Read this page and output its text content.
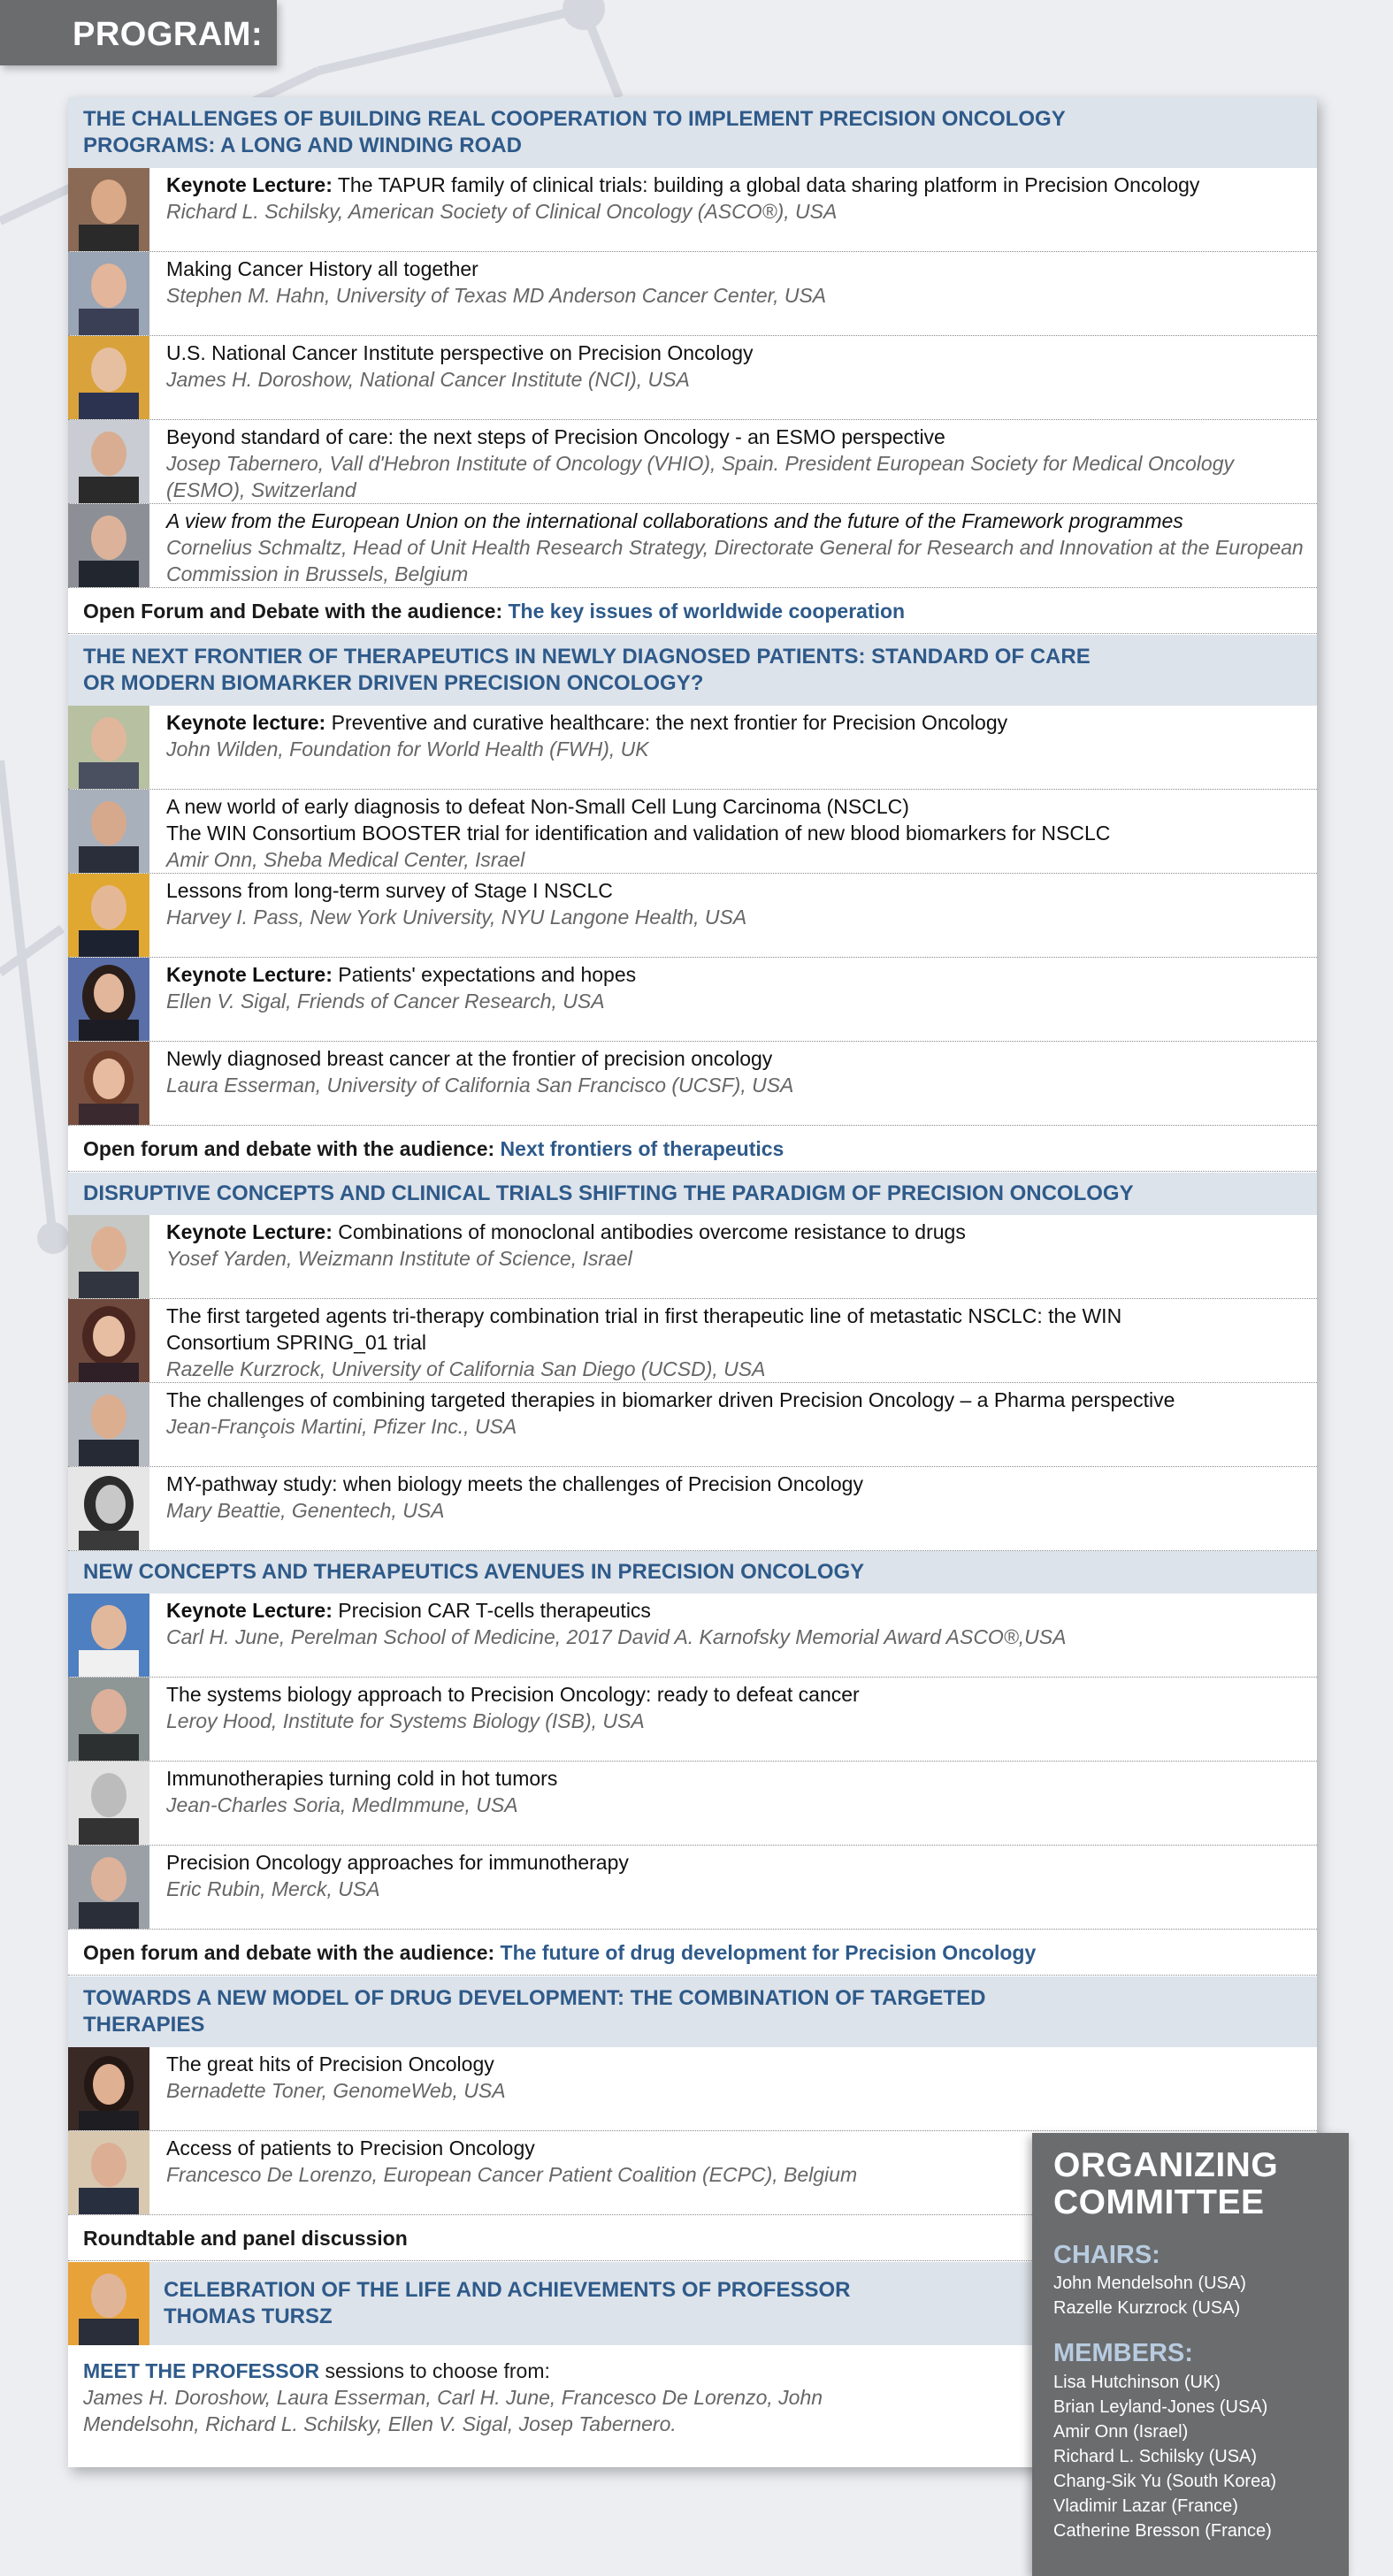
PROGRAM:
THE CHALLENGES OF BUILDING REAL COOPERATION TO IMPLEMENT PRECISION ONCOLOGY PROGRAMS: A LONG AND WINDING ROAD
Keynote Lecture: The TAPUR family of clinical trials: building a global data sharing platform in Precision Oncology
Richard L. Schilsky, American Society of Clinical Oncology (ASCO®), USA
Making Cancer History all together
Stephen M. Hahn, University of Texas MD Anderson Cancer Center, USA
U.S. National Cancer Institute perspective on Precision Oncology
James H. Doroshow, National Cancer Institute (NCI), USA
Beyond standard of care: the next steps of Precision Oncology - an ESMO perspective
Josep Tabernero, Vall d'Hebron Institute of Oncology (VHIO), Spain. President European Society for Medical Oncology (ESMO), Switzerland
A view from the European Union on the international collaborations and the future of the Framework programmes
Cornelius Schmaltz, Head of Unit Health Research Strategy, Directorate General for Research and Innovation at the European Commission in Brussels, Belgium
Open Forum and Debate with the audience: The key issues of worldwide cooperation
THE NEXT FRONTIER OF THERAPEUTICS IN NEWLY DIAGNOSED PATIENTS: STANDARD OF CARE OR MODERN BIOMARKER DRIVEN PRECISION ONCOLOGY?
Keynote lecture: Preventive and curative healthcare: the next frontier for Precision Oncology
John Wilden, Foundation for World Health (FWH), UK
A new world of early diagnosis to defeat Non-Small Cell Lung Carcinoma (NSCLC)
The WIN Consortium BOOSTER trial for identification and validation of new blood biomarkers for NSCLC
Amir Onn, Sheba Medical Center, Israel
Lessons from long-term survey of Stage I NSCLC
Harvey I. Pass, New York University, NYU Langone Health, USA
Keynote Lecture: Patients' expectations and hopes
Ellen V. Sigal, Friends of Cancer Research, USA
Newly diagnosed breast cancer at the frontier of precision oncology
Laura Esserman, University of California San Francisco (UCSF), USA
Open forum and debate with the audience: Next frontiers of therapeutics
DISRUPTIVE CONCEPTS AND CLINICAL TRIALS SHIFTING THE PARADIGM OF PRECISION ONCOLOGY
Keynote Lecture: Combinations of monoclonal antibodies overcome resistance to drugs
Yosef Yarden, Weizmann Institute of Science, Israel
The first targeted agents tri-therapy combination trial in first therapeutic line of metastatic NSCLC: the WIN
Consortium SPRING_01 trial
Razelle Kurzrock, University of California San Diego (UCSD), USA
The challenges of combining targeted therapies in biomarker driven Precision Oncology – a Pharma perspective
Jean-François Martini, Pfizer Inc., USA
MY-pathway study: when biology meets the challenges of Precision Oncology
Mary Beattie, Genentech, USA
NEW CONCEPTS AND THERAPEUTICS AVENUES IN PRECISION ONCOLOGY
Keynote Lecture: Precision CAR T-cells therapeutics
Carl H. June, Perelman School of Medicine, 2017 David A. Karnofsky Memorial Award ASCO®,USA
The systems biology approach to Precision Oncology: ready to defeat cancer
Leroy Hood, Institute for Systems Biology (ISB), USA
Immunotherapies turning cold in hot tumors
Jean-Charles Soria, MedImmune, USA
Precision Oncology approaches for immunotherapy
Eric Rubin, Merck, USA
Open forum and debate with the audience: The future of drug development for Precision Oncology
TOWARDS A NEW MODEL OF DRUG DEVELOPMENT: THE COMBINATION OF TARGETED THERAPIES
The great hits of Precision Oncology
Bernadette Toner, GenomeWeb, USA
Access of patients to Precision Oncology
Francesco De Lorenzo, European Cancer Patient Coalition (ECPC), Belgium
Roundtable and panel discussion
CELEBRATION OF THE LIFE AND ACHIEVEMENTS OF PROFESSOR THOMAS TURSZ
MEET THE PROFESSOR sessions to choose from:
James H. Doroshow, Laura Esserman, Carl H. June, Francesco De Lorenzo, John Mendelsohn, Richard L. Schilsky, Ellen V. Sigal, Josep Tabernero.
ORGANIZING COMMITTEE
CHAIRS:
John Mendelsohn (USA)
Razelle Kurzrock (USA)
MEMBERS:
Lisa Hutchinson (UK)
Brian Leyland-Jones (USA)
Amir Onn (Israel)
Richard L. Schilsky (USA)
Chang-Sik Yu (South Korea)
Vladimir Lazar (France)
Catherine Bresson (France)
